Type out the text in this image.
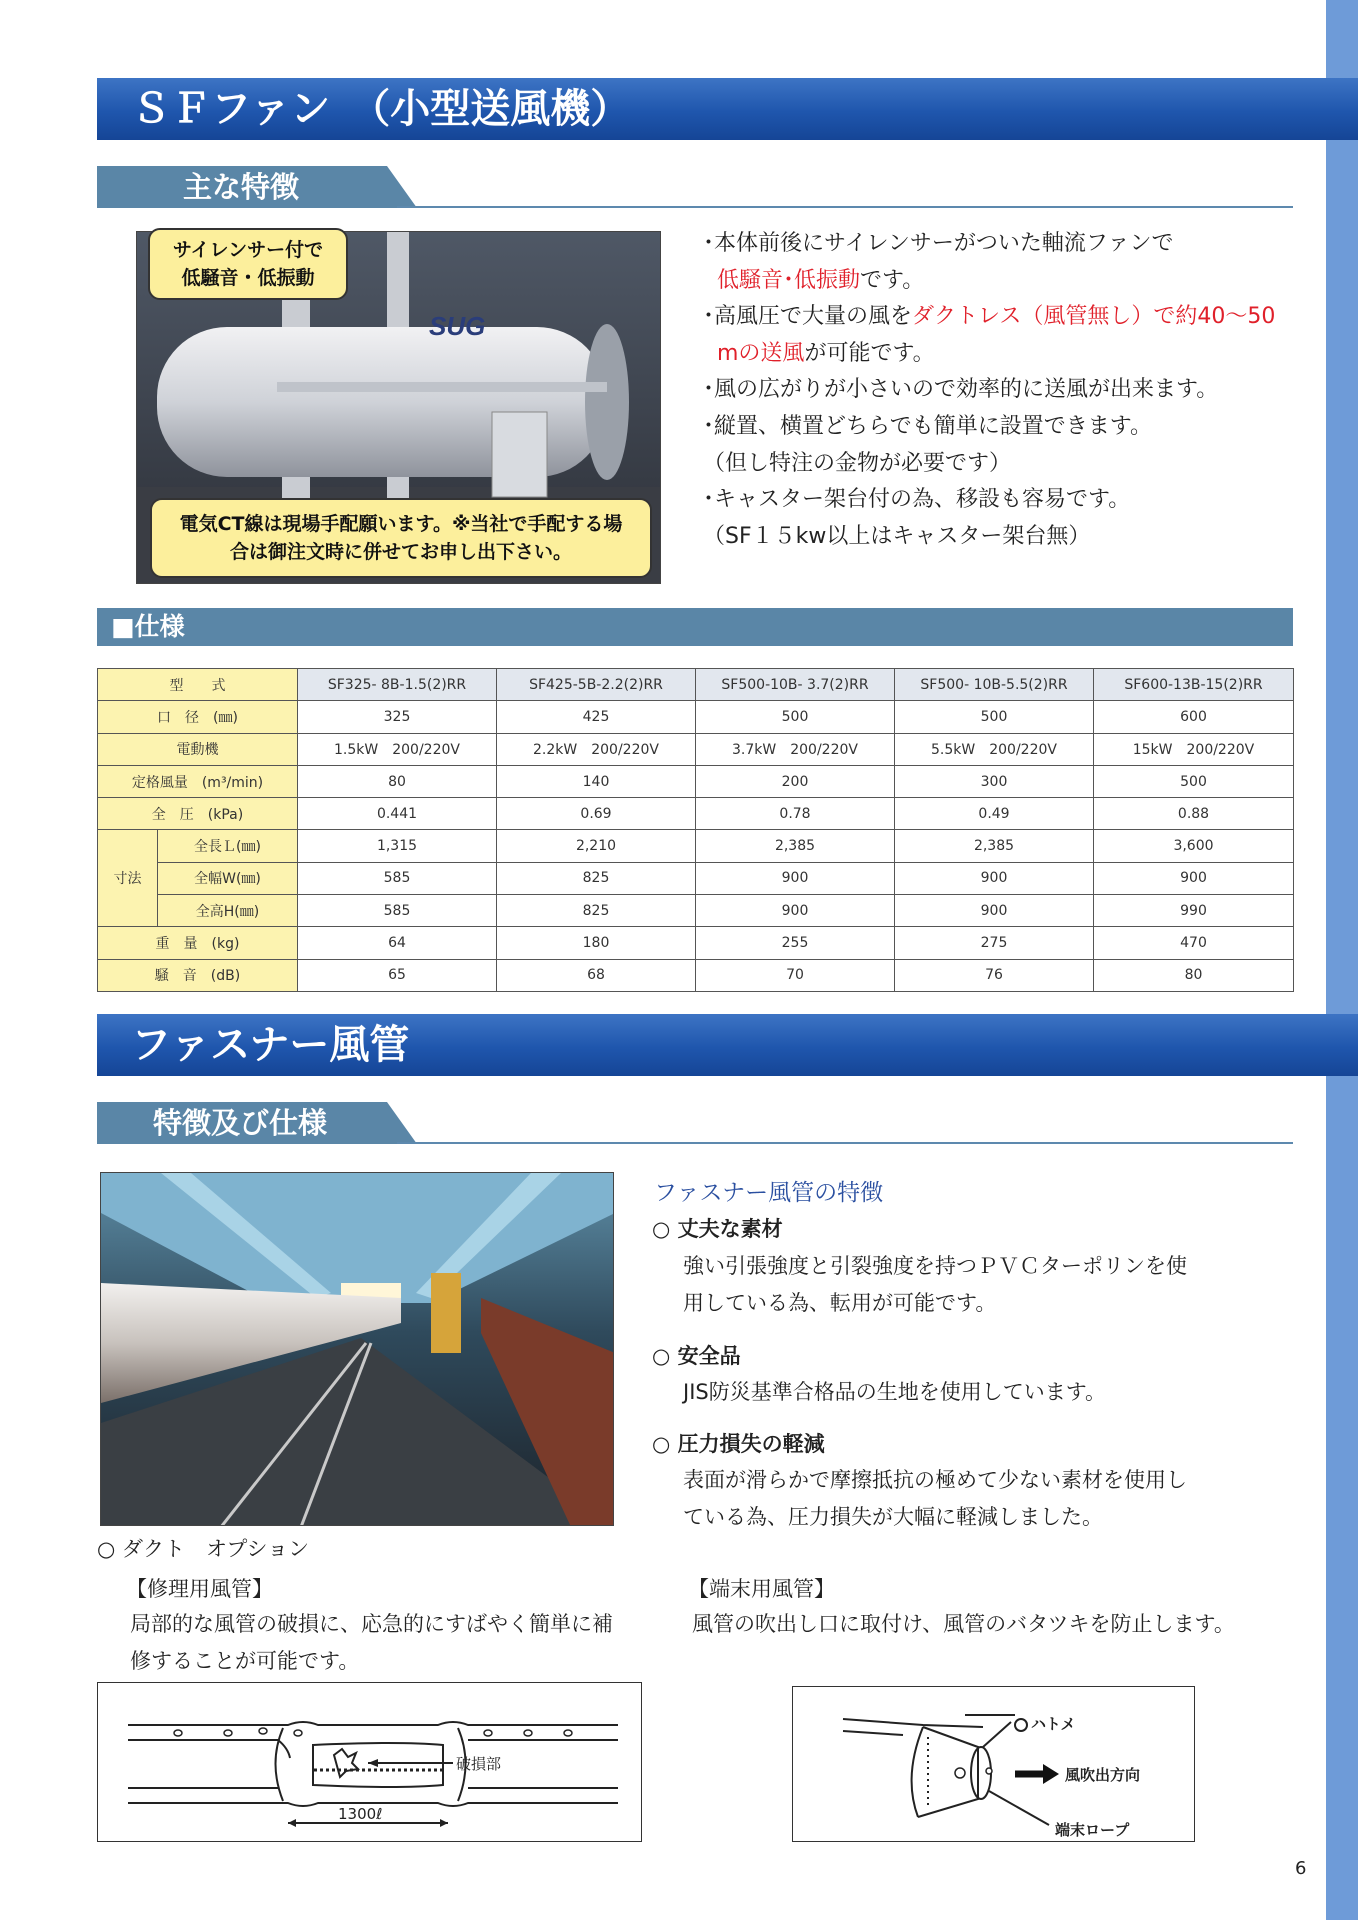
ＳＦファン　（小型送風機）
主な特徴
SUG
サイレンサー付で
低騒音・低振動
電気CT線は現場手配願います。※当社で手配する場
合は御注文時に併せてお申し出下さい。
･本体前後にサイレンサーがついた軸流ファンで
低騒音･低振動です。
･高風圧で大量の風をダクトレス（風管無し）で約40～50
mの送風が可能です。
･風の広がりが小さいので効率的に送風が出来ます。
･縦置、横置どちらでも簡単に設置できます。
（但し特注の金物が必要です）
･キャスター架台付の為、移設も容易です。
（SF１５kw以上はキャスター架台無）
■仕様
型　　式		SF325- 8B-1.5(2)RR	SF425-5B-2.2(2)RR	SF500-10B- 3.7(2)RR	SF500- 10B-5.5(2)RR	SF600-13B-15(2)RR
口　径　(㎜)		325	425	500	500	600
電動機		1.5kW　200/220V	2.2kW　200/220V	3.7kW　200/220V	5.5kW　200/220V	15kW　200/220V
定格風量　(m³/min)		80	140	200	300	500
全　圧　(kPa)		0.441	0.69	0.78	0.49	0.88
寸法	全長Ｌ(㎜)	1,315	2,210	2,385	2,385	3,600
	全幅W(㎜)	585	825	900	900	900
	全高H(㎜)	585	825	900	900	990
重　量　(kg)		64	180	255	275	470
騒　音　(dB)		65	68	70	76	80
ファスナー風管
特徴及び仕様
ファスナー風管の特徴
○ 丈夫な素材
強い引張強度と引裂強度を持つＰＶＣターポリンを使
用している為、転用が可能です。
○ 安全品
JIS防災基準合格品の生地を使用しています。
○ 圧力損失の軽減
表面が滑らかで摩擦抵抗の極めて少ない素材を使用し
ている為、圧力損失が大幅に軽減しました。
○ ダクト　オプション
【修理用風管】
局部的な風管の破損に、応急的にすばやく簡単に補
修することが可能です。
【端末用風管】
風管の吹出し口に取付け、風管のバタツキを防止します。
破損部
1300ℓ
ハトメ
風吹出方向
端末ロープ
6
